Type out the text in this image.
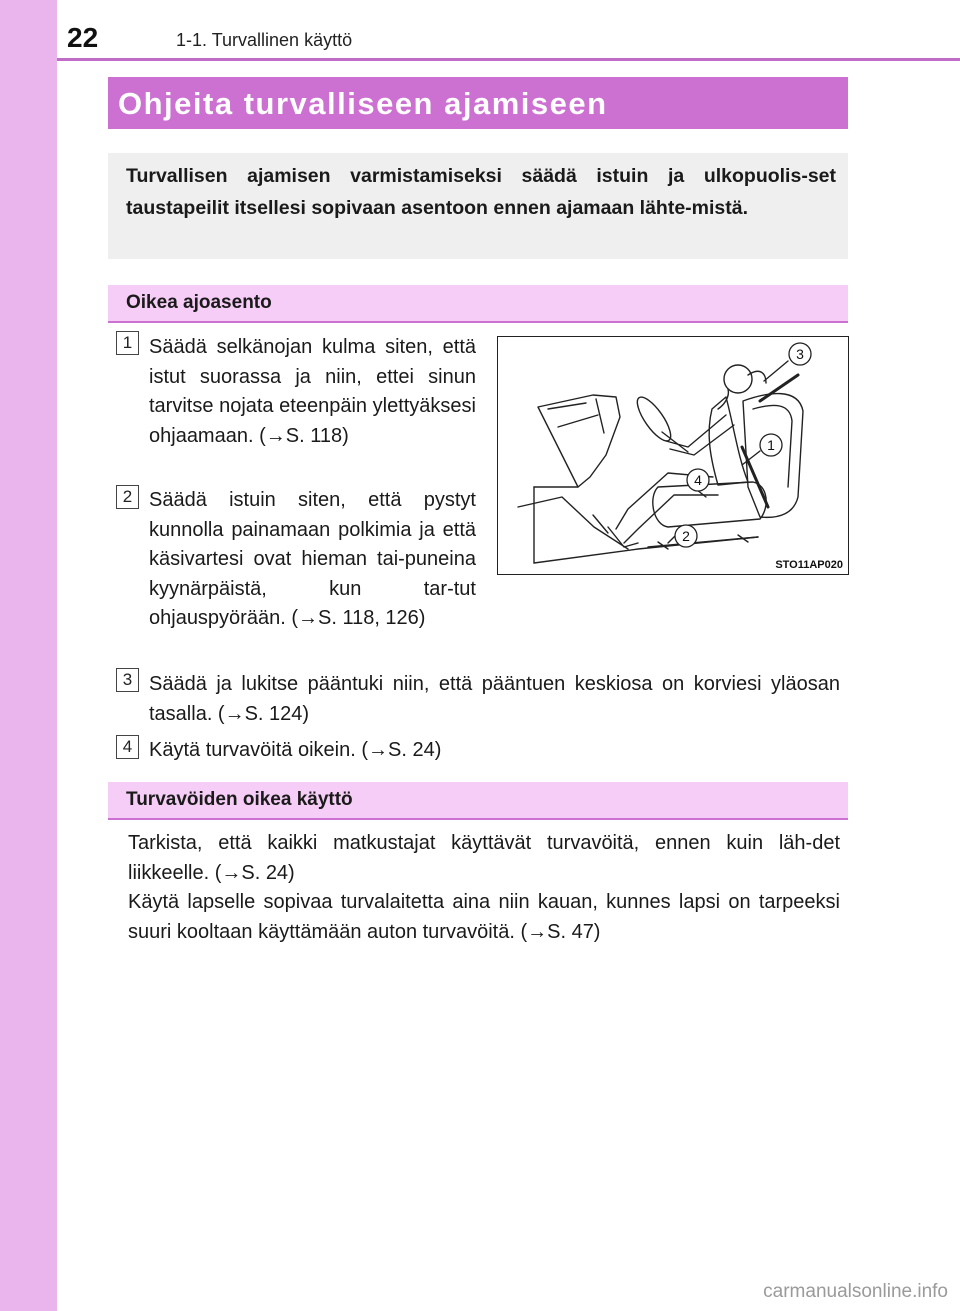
22	1-1. Turvallinen käyttö
Ohjeita turvalliseen ajamiseen
Turvallisen ajamisen varmistamiseksi säädä istuin ja ulkopuolis-set taustapeilit itsellesi sopivaan asentoon ennen ajamaan lähte-mistä.
Oikea ajoasento
1 Säädä selkänojan kulma siten, että istut suorassa ja niin, ettei sinun tarvitse nojata eteenpäin ylettyäksesi ohjaamaan. (→S. 118)
2 Säädä istuin siten, että pystyt kunnolla painamaan polkimia ja että käsivartesi ovat hieman tai-puneina kyynärpäistä, kun tar-tut ohjauspyörään. (→S. 118, 126)
3 Säädä ja lukitse pääntuki niin, että pääntuen keskiosa on korviesi yläosan tasalla. (→S. 124)
4 Käytä turvavöitä oikein. (→S. 24)
3
1
4
2
STO11AP020
Turvavöiden oikea käyttö
Tarkista, että kaikki matkustajat käyttävät turvavöitä, ennen kuin läh-det liikkeelle. (→S. 24)
Käytä lapselle sopivaa turvalaitetta aina niin kauan, kunnes lapsi on tarpeeksi suuri kooltaan käyttämään auton turvavöitä. (→S. 47)
carmanualsonline.info
